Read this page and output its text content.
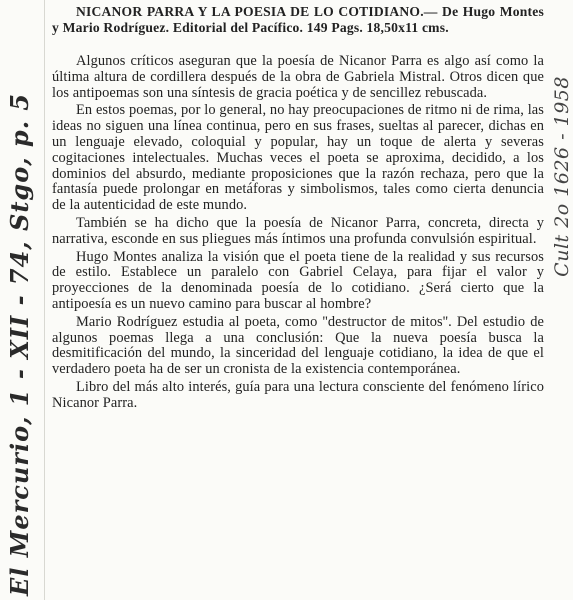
El Mercurio, 1 - XII - 74, Stgo, p. 5	Cult 2o 1626 - 1958

NICANOR PARRA Y LA POESIA DE LO COTIDIANO.— De Hugo Montes y Mario Rodríguez. Editorial del Pacífico. 149 Pags. 18,50x11 cms.

Algunos críticos aseguran que la poesía de Nicanor Parra es algo así como la última altura de cordillera después de la obra de Gabriela Mistral. Otros dicen que los antipoemas son una síntesis de gracia poética y de sencillez rebuscada.

En estos poemas, por lo general, no hay preocupaciones de ritmo ni de rima, las ideas no siguen una línea continua, pero en sus frases, sueltas al parecer, dichas en un lenguaje elevado, coloquial y popular, hay un toque de alerta y severas cogitaciones intelectuales. Muchas veces el poeta se aproxima, decidido, a los dominios del absurdo, mediante proposiciones que la razón rechaza, pero que la fantasía puede prolongar en metáforas y simbolismos, tales como cierta denuncia de la autenticidad de este mundo.

También se ha dicho que la poesía de Nicanor Parra, concreta, directa y narrativa, esconde en sus pliegues más íntimos una profunda convulsión espiritual.

Hugo Montes analiza la visión que el poeta tiene de la realidad y sus recursos de estilo. Establece un paralelo con Gabriel Celaya, para fijar el valor y proyecciones de la denominada poesía de lo cotidiano. ¿Será cierto que la antipoesía es un nuevo camino para buscar al hombre?

Mario Rodríguez estudia al poeta, como ''destructor de mitos''. Del estudio de algunos poemas llega a una conclusión: Que la nueva poesía busca la desmitificación del mundo, la sinceridad del lenguaje cotidiano, la idea de que el verdadero poeta ha de ser un cronista de la existencia contemporánea.

Libro del más alto interés, guía para una lectura consciente del fenómeno lírico Nicanor Parra.
